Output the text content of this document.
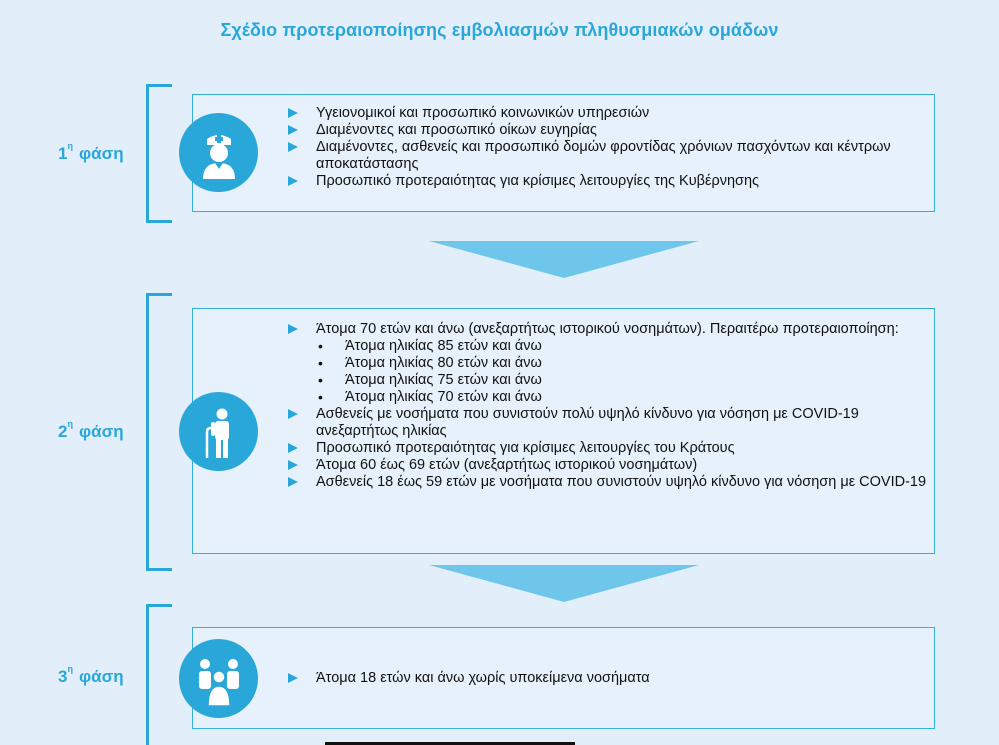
Σχέδιο προτεραιοποίησης εμβολιασμών πληθυσμιακών ομάδων
$1^\eta$ φάση
Υγειονομικοί και προσωπικό κοινωνικών υπηρεσιών
Διαμένοντες και προσωπικό οίκων ευγηρίας
Διαμένοντες, ασθενείς και προσωπικό δομών φροντίδας χρόνιων πασχόντων και κέντρων αποκατάστασης
Προσωπικό προτεραιότητας για κρίσιμες λειτουργίες της Κυβέρνησης
$2^\eta$ φάση
Άτομα 70 ετών και άνω (ανεξαρτήτως ιστορικού νοσημάτων). Περαιτέρω προτεραιοποίηση:
• Άτομα ηλικίας 85 ετών και άνω
• Άτομα ηλικίας 80 ετών και άνω
• Άτομα ηλικίας 75 ετών και άνω
• Άτομα ηλικίας 70 ετών και άνω
Ασθενείς με νοσήματα που συνιστούν πολύ υψηλό κίνδυνο για νόσηση με COVID-19 ανεξαρτήτως ηλικίας
Προσωπικό προτεραιότητας για κρίσιμες λειτουργίες του Κράτους
Άτομα 60 έως 69 ετών (ανεξαρτήτως ιστορικού νοσημάτων)
Ασθενείς 18 έως 59 ετών με νοσήματα που συνιστούν υψηλό κίνδυνο για νόσηση με COVID-19
$3^\eta$ φάση	Άτομα 18 ετών και άνω χωρίς υποκείμενα νοσήματα
